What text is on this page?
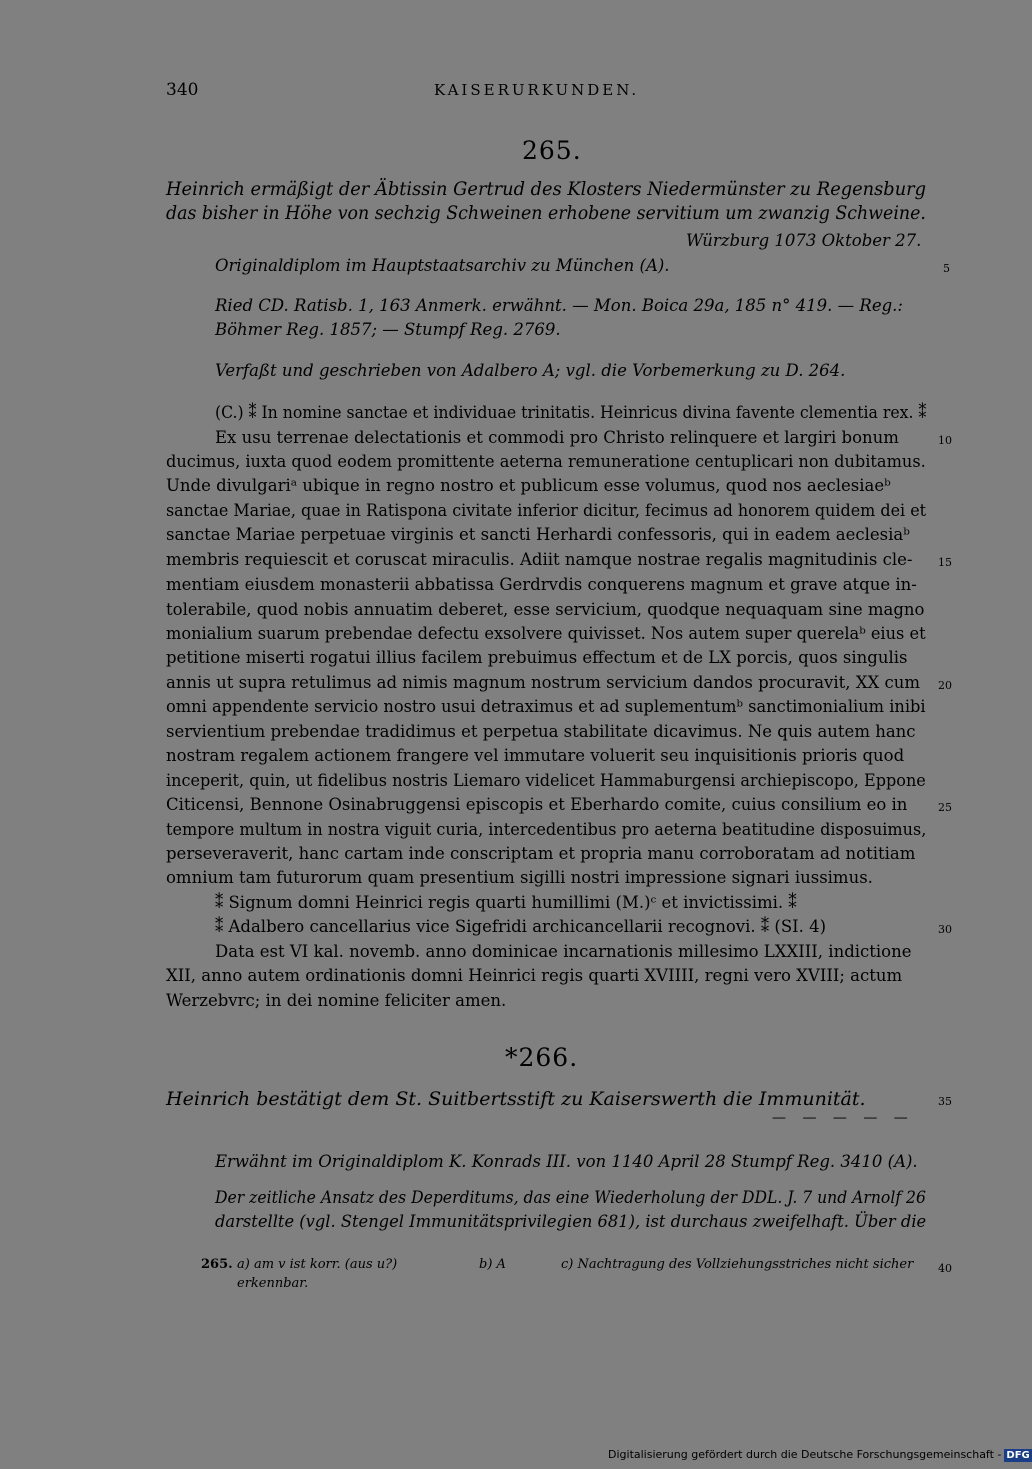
340	KAISERURKUNDEN.
265.
Heinrich ermäßigt der Äbtissin Gertrud des Klosters Niedermünster zu Regensburg
das bisher in Höhe von sechzig Schweinen erhobene servitium um zwanzig Schweine.
Würzburg 1073 Oktober 27.
Originaldiplom im Hauptstaatsarchiv zu München (A).
Ried CD. Ratisb. 1, 163 Anmerk. erwähnt. — Mon. Boica 29a, 185 n° 419. — Reg.:
Böhmer Reg. 1857; — Stumpf Reg. 2769.
Verfaßt und geschrieben von Adalbero A; vgl. die Vorbemerkung zu D. 264.
(C.) ⁑ In nomine sanctae et individuae trinitatis. Heinricus divina favente clementia rex. ⁑
Ex usu terrenae delectationis et commodi pro Christo relinquere et largiri bonum
ducimus, iuxta quod eodem promittente aeterna remuneratione centuplicari non dubitamus.
Unde divulgariᵃ ubique in regno nostro et publicum esse volumus, quod nos aeclesiaeᵇ
sanctae Mariae, quae in Ratispona civitate inferior dicitur, fecimus ad honorem quidem dei et
sanctae Mariae perpetuae virginis et sancti Herhardi confessoris, qui in eadem aeclesiaᵇ
membris requiescit et coruscat miraculis. Adiit namque nostrae regalis magnitudinis cle-
mentiam eiusdem monasterii abbatissa Gerdrvdis conquerens magnum et grave atque in-
tolerabile, quod nobis annuatim deberet, esse servicium, quodque nequaquam sine magno
monialium suarum prebendae defectu exsolvere quivisset. Nos autem super querelaᵇ eius et
petitione miserti rogatui illius facilem prebuimus effectum et de LX porcis, quos singulis
annis ut supra retulimus ad nimis magnum nostrum servicium dandos procuravit, XX cum
omni appendente servicio nostro usui detraximus et ad suplementumᵇ sanctimonialium inibi
servientium prebendae tradidimus et perpetua stabilitate dicavimus. Ne quis autem hanc
nostram regalem actionem frangere vel immutare voluerit seu inquisitionis prioris quod
inceperit, quin, ut fidelibus nostris Liemaro videlicet Hammaburgensi archiepiscopo, Eppone
Citicensi, Bennone Osinabruggensi episcopis et Eberhardo comite, cuius consilium eo in
tempore multum in nostra viguit curia, intercedentibus pro aeterna beatitudine disposuimus,
perseveraverit, hanc cartam inde conscriptam et propria manu corroboratam ad notitiam
omnium tam futurorum quam presentium sigilli nostri impressione signari iussimus.
⁑ Signum domni Heinrici regis quarti humillimi (M.)ᶜ et invictissimi. ⁑
⁑ Adalbero cancellarius vice Sigefridi archicancellarii recognovi. ⁑ (SI. 4)
Data est VI kal. novemb. anno dominicae incarnationis millesimo LXXIII, indictione
XII, anno autem ordinationis domni Heinrici regis quarti XVIIII, regni vero XVIII; actum
Werzebvrc; in dei nomine feliciter amen.
*266.
Heinrich bestätigt dem St. Suitbertsstift zu Kaiserswerth die Immunität.
— — — — —
Erwähnt im Originaldiplom K. Konrads III. von 1140 April 28 Stumpf Reg. 3410 (A).
Der zeitliche Ansatz des Deperditums, das eine Wiederholung der DDL. J. 7 und Arnolf 26
darstellte (vgl. Stengel Immunitätsprivilegien 681), ist durchaus zweifelhaft. Über die
265. a) am v ist korr. (aus u?)
erkennbar.
b) A	c) Nachtragung des Vollziehungsstriches nicht sicher
5
10
15
20
25
30
35
40
Digitalisierung gefördert durch die Deutsche Forschungsgemeinschaft - DFG
